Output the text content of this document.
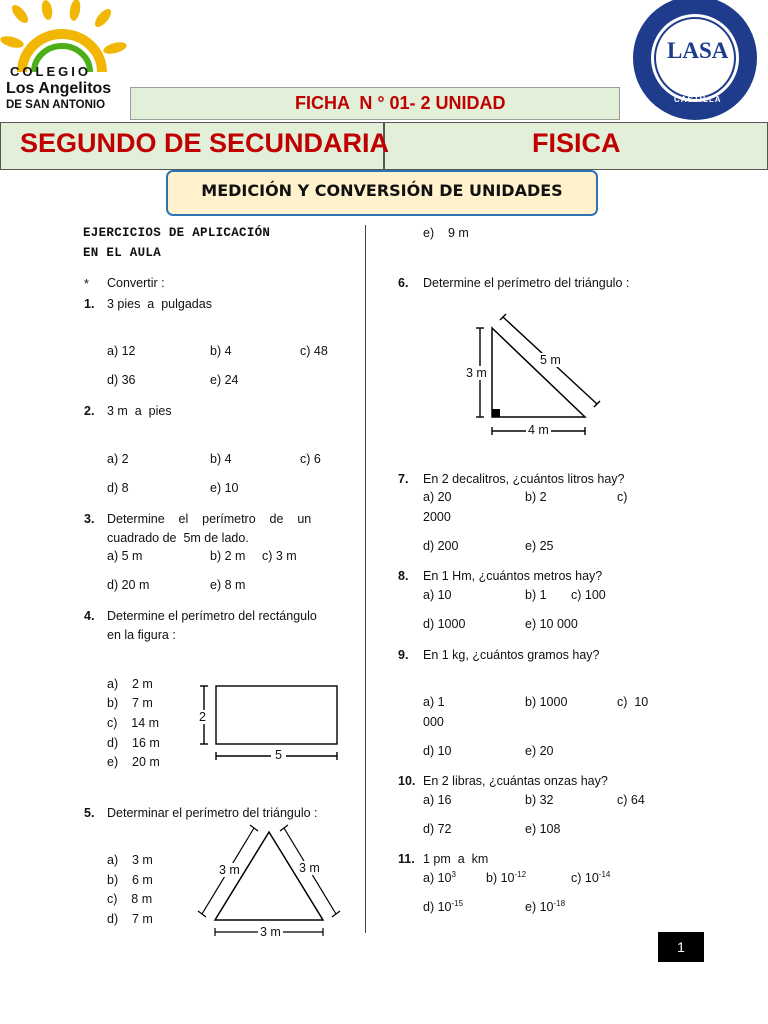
COLEGIO
Los Angelitos
DE SAN ANTONIO	FICHA  N ° 01- 2 UNIDAD
SEGUNDO DE SECUNDARIA	FISICA
LASA
CASTILLA
MEDICIÓN Y CONVERSIÓN DE UNIDADES
EJERCICIOS DE APLICACIÓN
EN EL AULA
* Convertir :
1. 3 pies  a  pulgadas
a) 12	b) 4	c) 48
d) 36	e) 24
2. 3 m  a  pies
a) 2	b) 4	c) 6
d) 8	e) 10
3. Determine    el    perímetro    de    un
cuadrado de  5m de lado.
a) 5 m	b) 2 m c) 3 m
d) 20 m	e) 8 m
4. Determine el perímetro del rectángulo
en la figura :
a)    2 m
b)    7 m
c)    14 m
d)    16 m
e)    20 m
2
5
5. Determinar el perímetro del triángulo :
a)    3 m
b)    6 m
c)    8 m
d)    7 m
3 m	3 m
3 m
e)    9 m
6. Determine el perímetro del triángulo :
3 m
5 m
4 m
7. En 2 decalitros, ¿cuántos litros hay?
a) 20	b) 2	c)
2000
d) 200	e) 25
8. En 1 Hm, ¿cuántos metros hay?
a) 10	b) 1 c) 100
d) 1000	e) 10 000
9. En 1 kg, ¿cuántos gramos hay?
a) 1	b) 1000	c)  10
000
d) 10	e) 20
10. En 2 libras, ¿cuántas onzas hay?
a) 16	b) 32	c) 64
d) 72	e) 108
11. 1 pm  a  km
a) $10^3$ b) $10^{-12}$	c) $10^{-14}$
d) $10^{-15}$	e) $10^{-18}$
1
